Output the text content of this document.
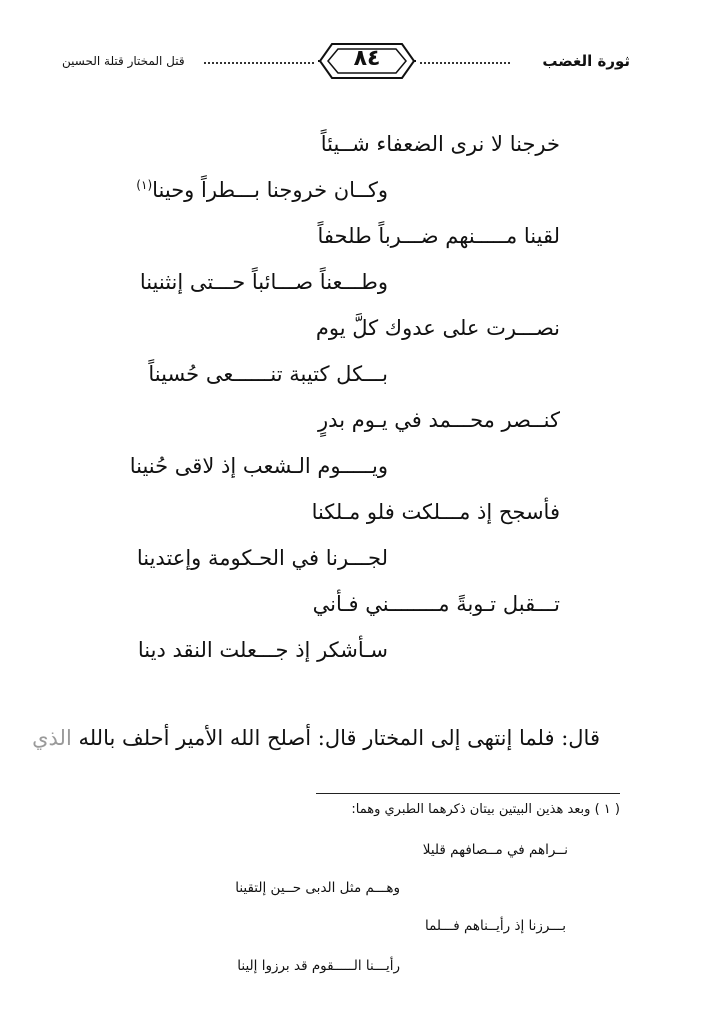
ثورة الغضب
٨٤
قتل المختار قتلة الحسين
خرجنا لا نرى الضعفاء شــيئاً
وكــان خروجنا بـــطراً وحينا$^{(١)}$
لقينا مـــــنهم ضـــرباً طلحفاً
وطـــعناً صـــائباً حـــتى إنثنينا
نصـــرت على عدوك كلَّ يوم
بـــكل كتيبة تنــــــعى حُسيناً
كنــصر محـــمد في يـوم بدرٍ
ويـــــوم الـشعب إذ لاقى حُنينا
فأسجح إذ مـــلكت فلو مـلكنا
لجـــرنا في الحـكومة وإعتدينا
تـــقبل تـوبةً مــــــــني فـأني
سـأشكر إذ جـــعلت النقد دينا
قال: فلما إنتهى إلى المختار قال: أصلح الله الأمير أحلف بالله الذي
( ١ ) وبعد هذين البيتين بيتان ذكرهما الطبري وهما:
نــراهم في مــصافهم قليلا
وهـــم مثل الدبى حــين إلتقينا
بـــرزنا إذ رأيــناهم فـــلما
رأيـــنا الـــــقوم قد برزوا إلينا
